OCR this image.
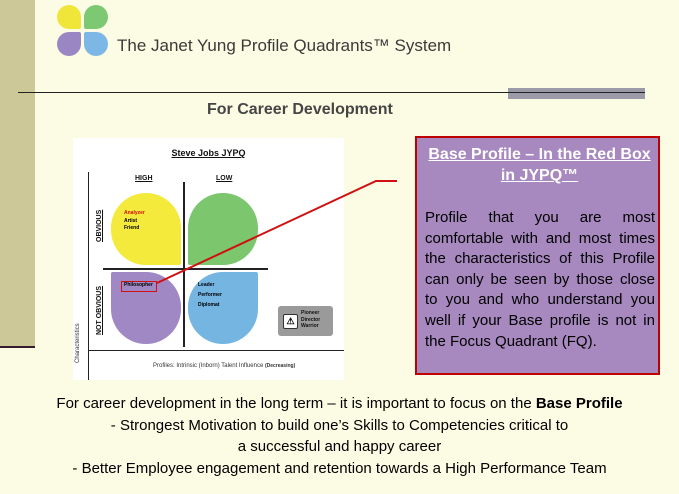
The Janet Yung Profile Quadrants™ System
For Career Development
Steve Jobs JYPQ
HIGH	LOW
OBVIOUS
NOT OBVIOUS
Characteristics
Analyzer
Artist
Friend
Philosopher	Leader
Performer
Diplomat
⚠
Pioneer
Director
Warrior
Profiles: Intrinsic (Inborn) Talent Influence (Decreasing)
Base Profile – In the Red Box in JYPQ™
Profile that you are most comfortable with and most times the characteristics of this Profile can only be seen by those close to you and who understand you well if your Base profile is not in the Focus Quadrant (FQ).

For career development in the long term – it is important to focus on the Base Profile

- Strongest Motivation to build one’s Skills to Competencies critical to

a successful and happy career

- Better Employee engagement and retention towards a High Performance Team
